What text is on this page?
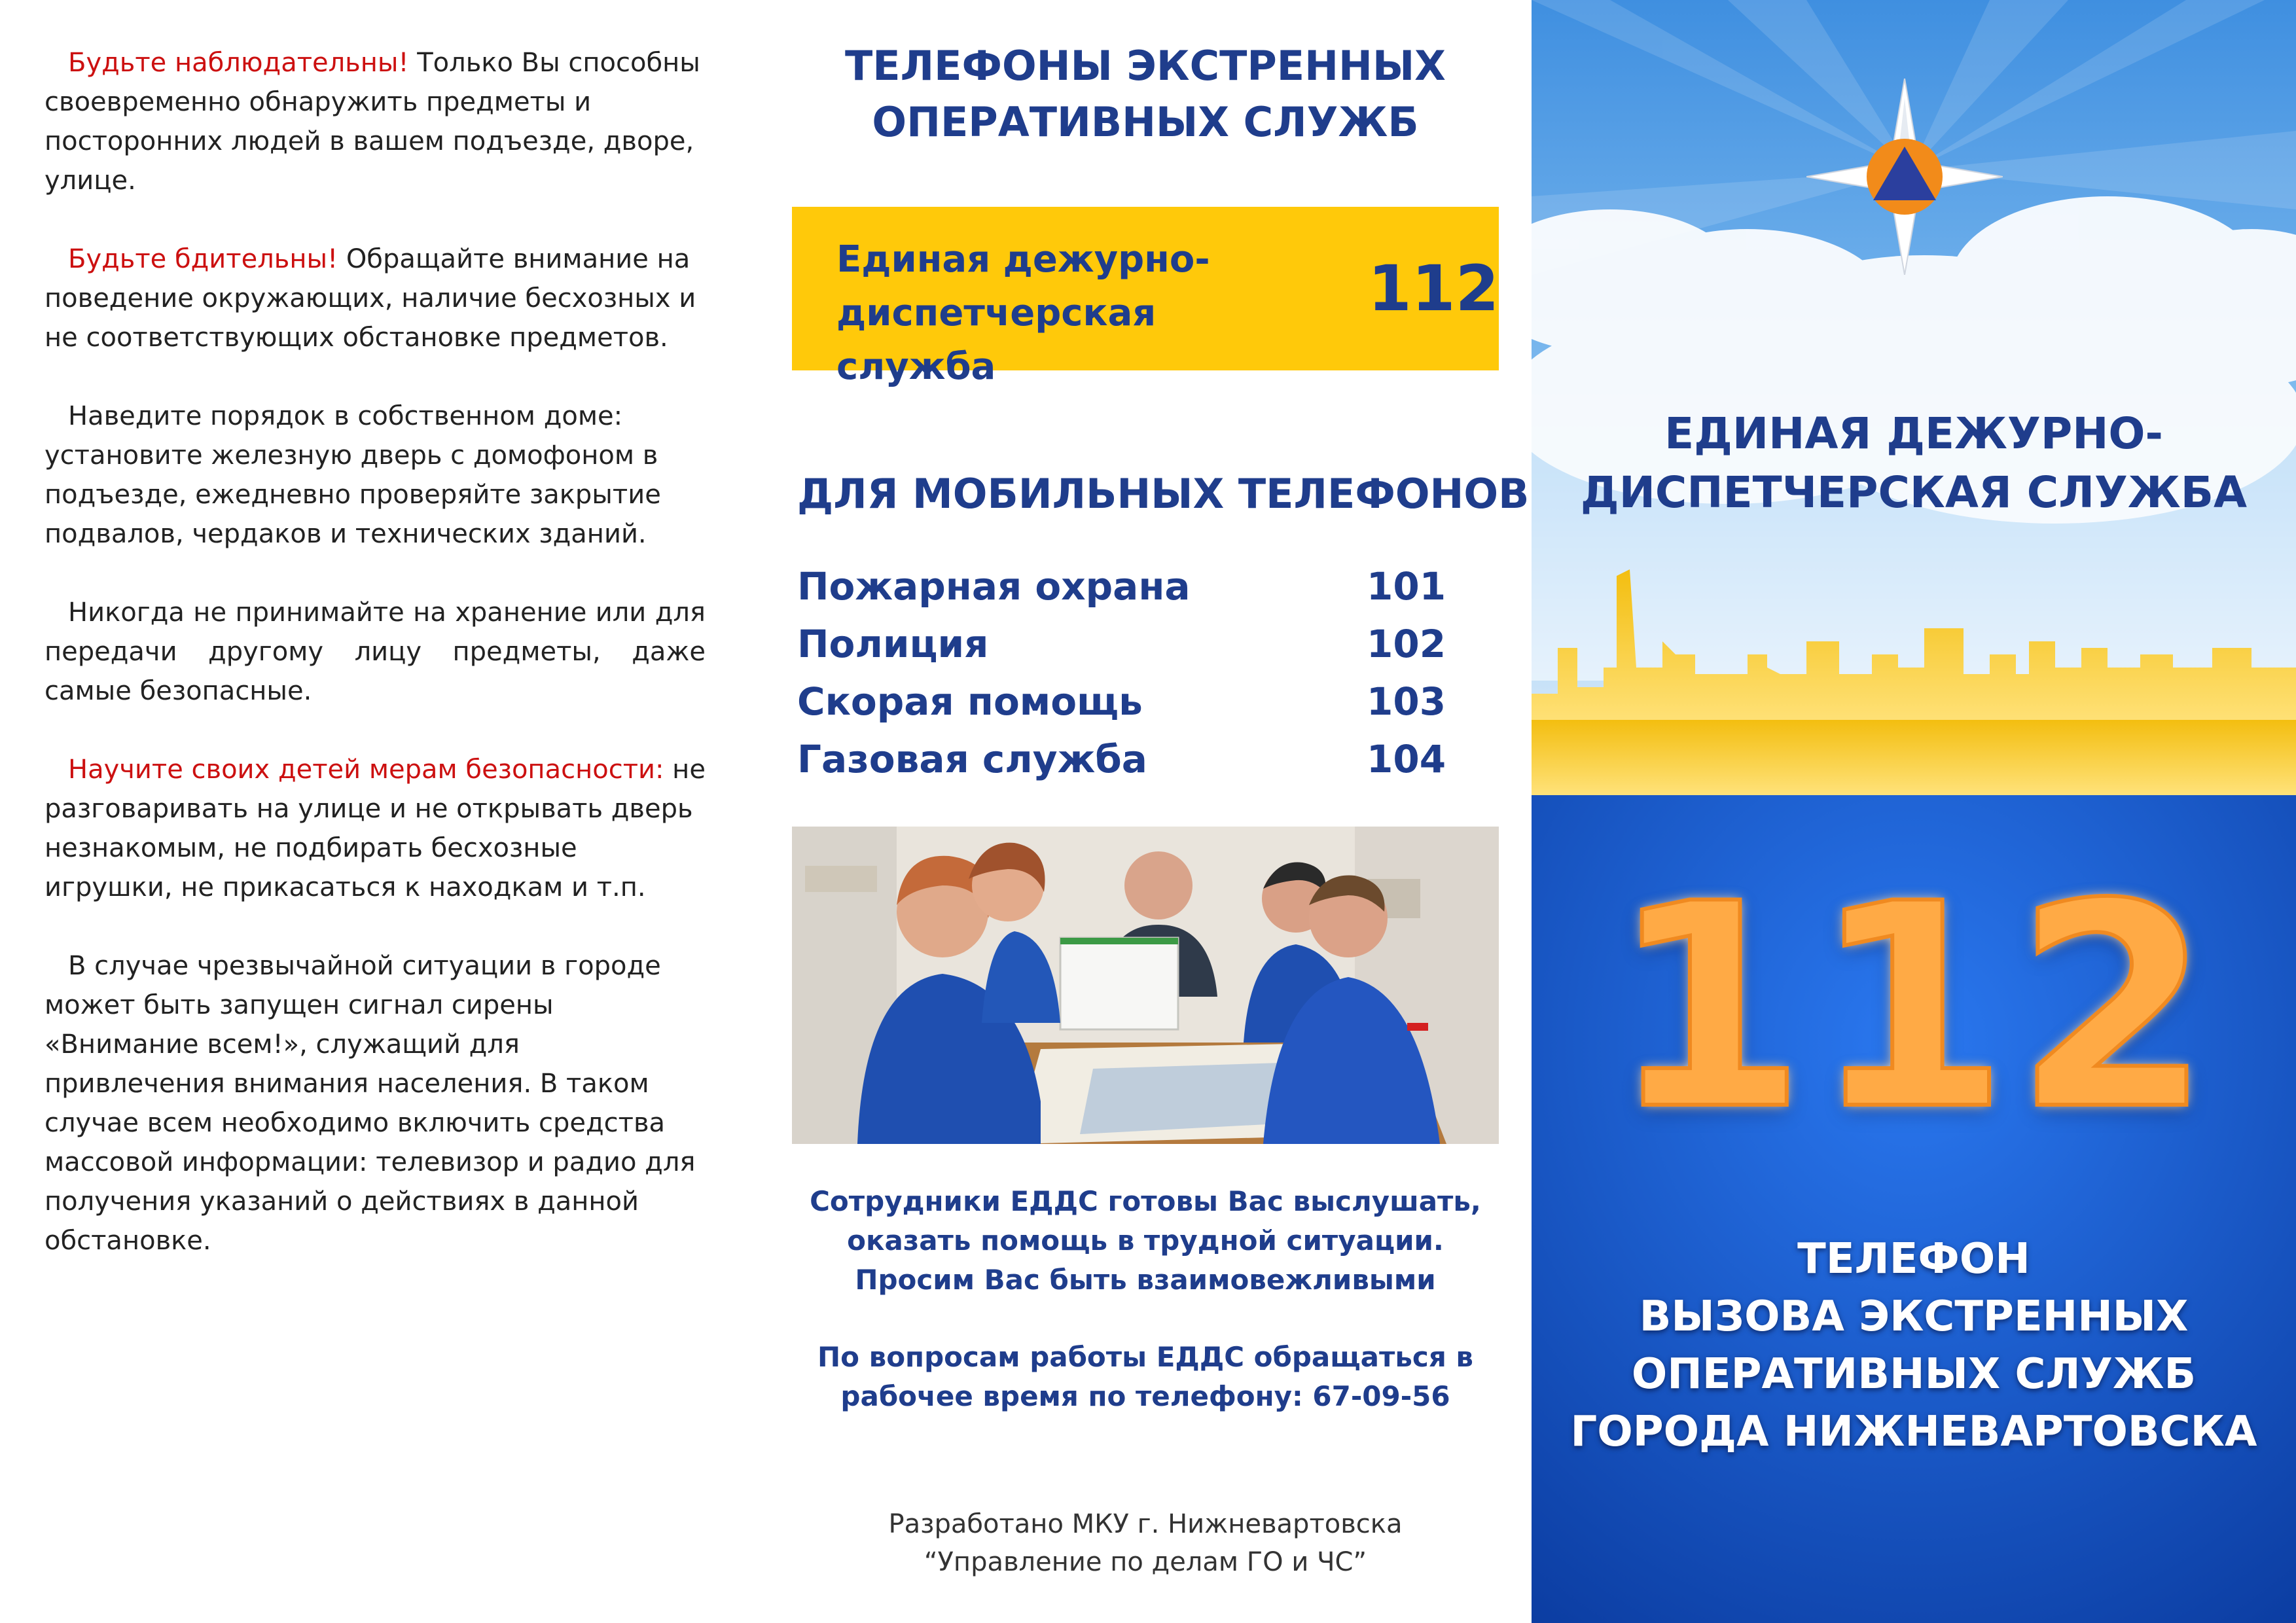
Будьте наблюдательны! Только Вы способны своевременно обнаружить предметы и посторонних людей в вашем подъезде, дворе, улице.

Будьте бдительны! Обращайте внимание на поведение окружающих, наличие бесхозных и не соответствующих обстановке предметов.

Наведите порядок в собственном доме: установите железную дверь с домофоном в подъезде, ежедневно проверяйте закрытие подвалов, чердаков и технических зданий.

Никогда не принимайте на хранение или для передачи другому лицу предметы, даже самые безопасные.

Научите своих детей мерам безопасности: не разговаривать на улице и не открывать дверь незнакомым, не подбирать бесхозные игрушки, не прикасаться к находкам и т.п.

В случае чрезвычайной ситуации в городе может быть запущен сигнал сирены «Внимание всем!», служащий для привлечения внимания населения. В таком случае всем необходимо включить средства массовой информации: телевизор и радио для получения указаний о действиях в данной обстановке.

ТЕЛЕФОНЫ ЭКСТРЕННЫХ

ОПЕРАТИВНЫХ СЛУЖБ

Единая дежурно-
диспетчерская служба
112

ДЛЯ МОБИЛЬНЫХ ТЕЛЕФОНОВ

Пожарная охрана	101
Полиция	102
Скорая помощь	103
Газовая служба	104
Сотрудники ЕДДС готовы Вас выслушать,
оказать помощь в трудной ситуации.
Просим Вас быть взаимовежливыми
По вопросам работы ЕДДС обращаться в
рабочее время по телефону: 67-09-56
Разработано МКУ г. Нижневартовска
“Управление по делам ГО и ЧС”
ЕДИНАЯ ДЕЖУРНО-
ДИСПЕТЧЕРСКАЯ СЛУЖБА
112
ТЕЛЕФОН
ВЫЗОВА ЭКСТРЕННЫХ
ОПЕРАТИВНЫХ СЛУЖБ
ГОРОДА НИЖНЕВАРТОВСКА
